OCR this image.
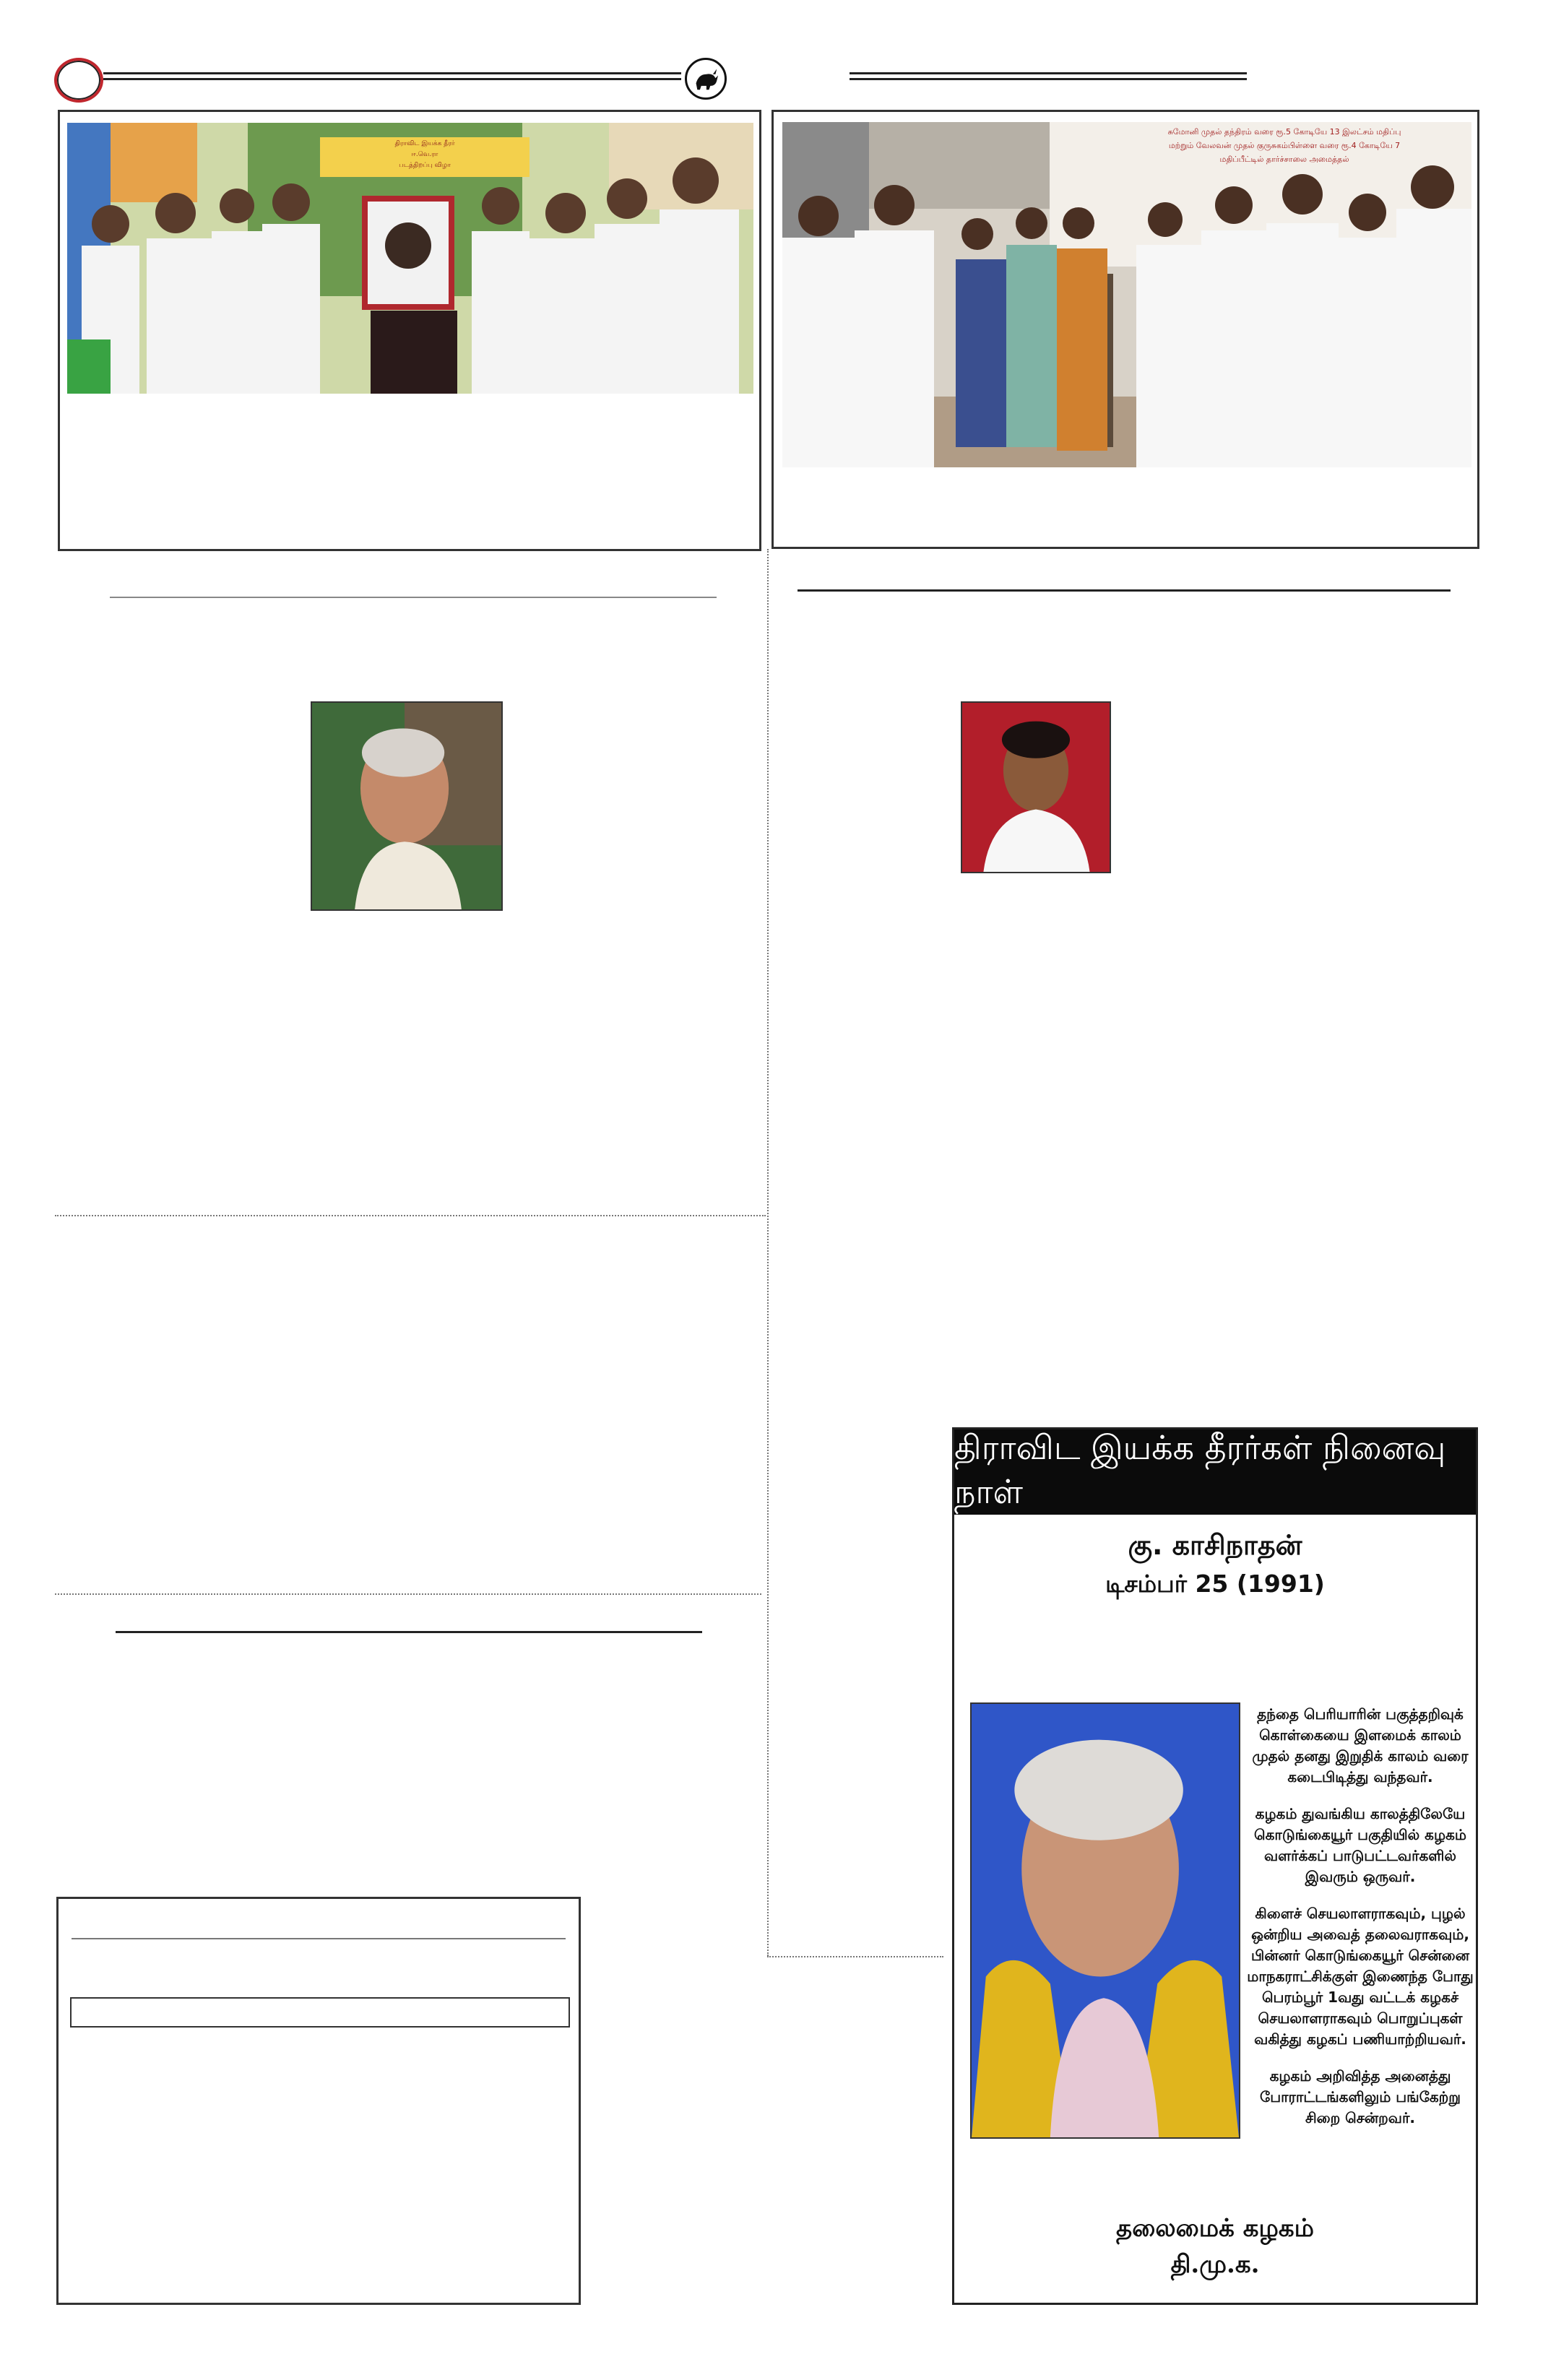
திராவிட இயக்க தீரர்
ஈ.வெ.ரா
படத்திறப்பு விழா
சுமோனி முதல் தந்திரம் வரை ரூ.5 கோடியே 13 இலட்சம் மதிப்பு
மற்றும் வேலவன் முதல் குருசுகம்பிள்ளை வரை ரூ.4 கோடியே 7
மதிப்பீட்டில் தார்ச்சாலை அமைத்தல்
திராவிட இயக்க தீரர்கள் நினைவு நாள்
கு. காசிநாதன்
டிசம்பர் 25 (1991)

தந்தை பெரியாரின் பகுத்தறிவுக் கொள்கையை இளமைக் காலம் முதல் தனது இறுதிக் காலம் வரை கடைபிடித்து வந்தவர்.

கழகம் துவங்கிய காலத்திலேயே கொடுங்கையூர் பகுதியில் கழகம் வளர்க்கப் பாடுபட்டவர்களில் இவரும் ஒருவர்.

கிளைச் செயலாளராகவும், புழல் ஒன்றிய அவைத் தலைவராகவும், பின்னர் கொடுங்கையூர் சென்னை மாநகராட்சிக்குள் இணைந்த போது பெரம்பூர் 1வது வட்டக் கழகச் செயலாளராகவும் பொறுப்புகள் வகித்து கழகப் பணியாற்றியவர்.

கழகம் அறிவித்த அனைத்து போராட்டங்களிலும் பங்கேற்று சிறை சென்றவர்.

தலைமைக் கழகம்
தி.மு.க.
